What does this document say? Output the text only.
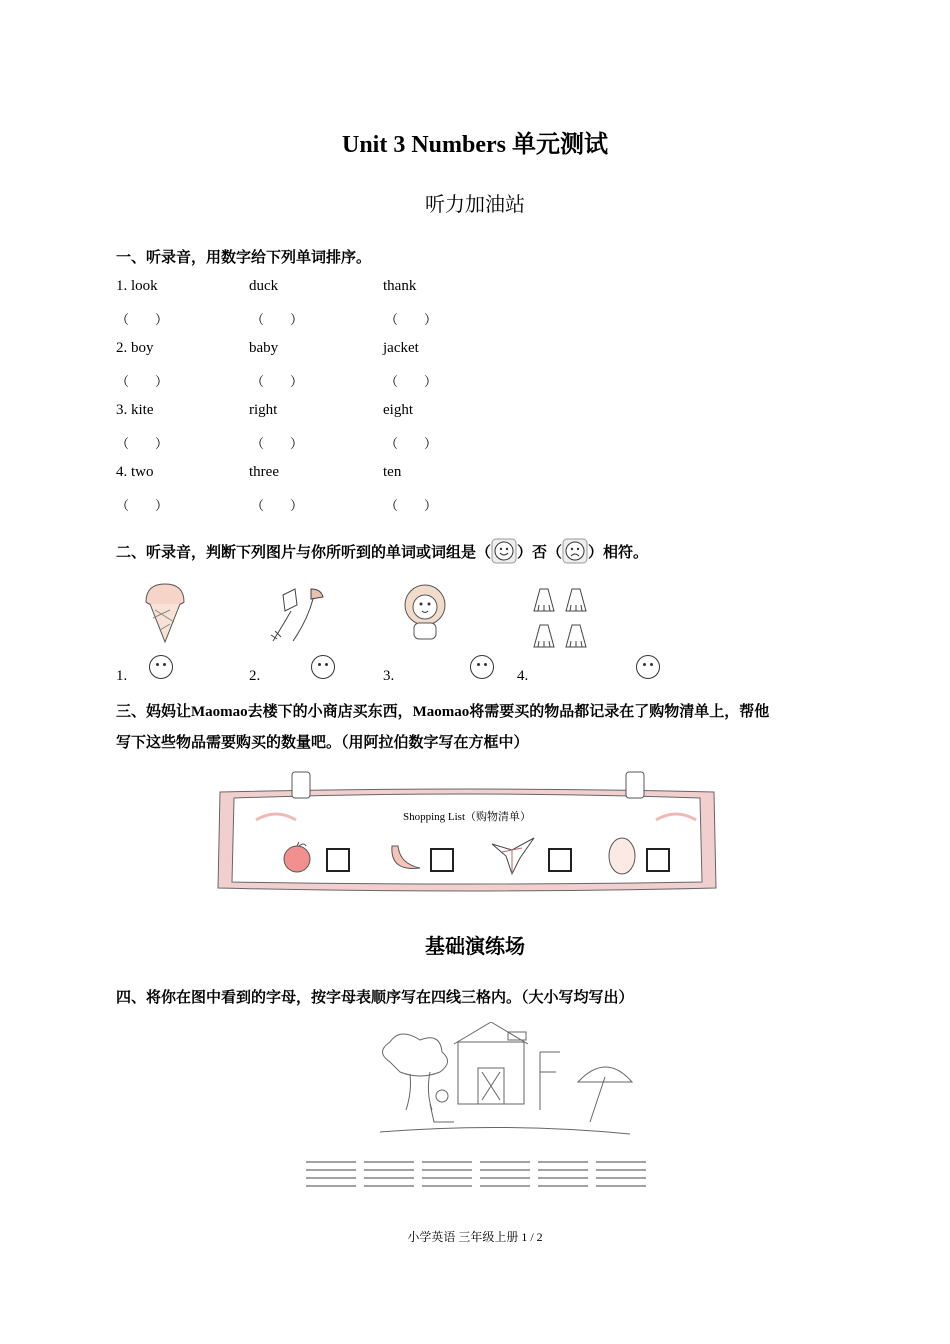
Unit 3 Numbers 单元测试
听力加油站
一、听录音，用数字给下列单词排序。
1. look	duck	thank
（　　）	（　　）	（　　）
2. boy	baby	jacket
（　　）	（　　）	（　　）
3. kite	right	eight
（　　）	（　　）	（　　）
4. two	three	ten
（　　）	（　　）	（　　）
二、听录音，判断下列图片与你所听到的单词或词组是（ ）否（ ）相符。
1.
	2.
	3.
	4.
三、妈妈让Maomao去楼下的小商店买东西，Maomao将需要买的物品都记录在了购物清单上，帮他
写下这些物品需要购买的数量吧。（用阿拉伯数字写在方框中）
Shopping List（购物清单）
基础演练场
四、将你在图中看到的字母，按字母表顺序写在四线三格内。（大小写均写出）
小学英语 三年级上册 1 / 2
